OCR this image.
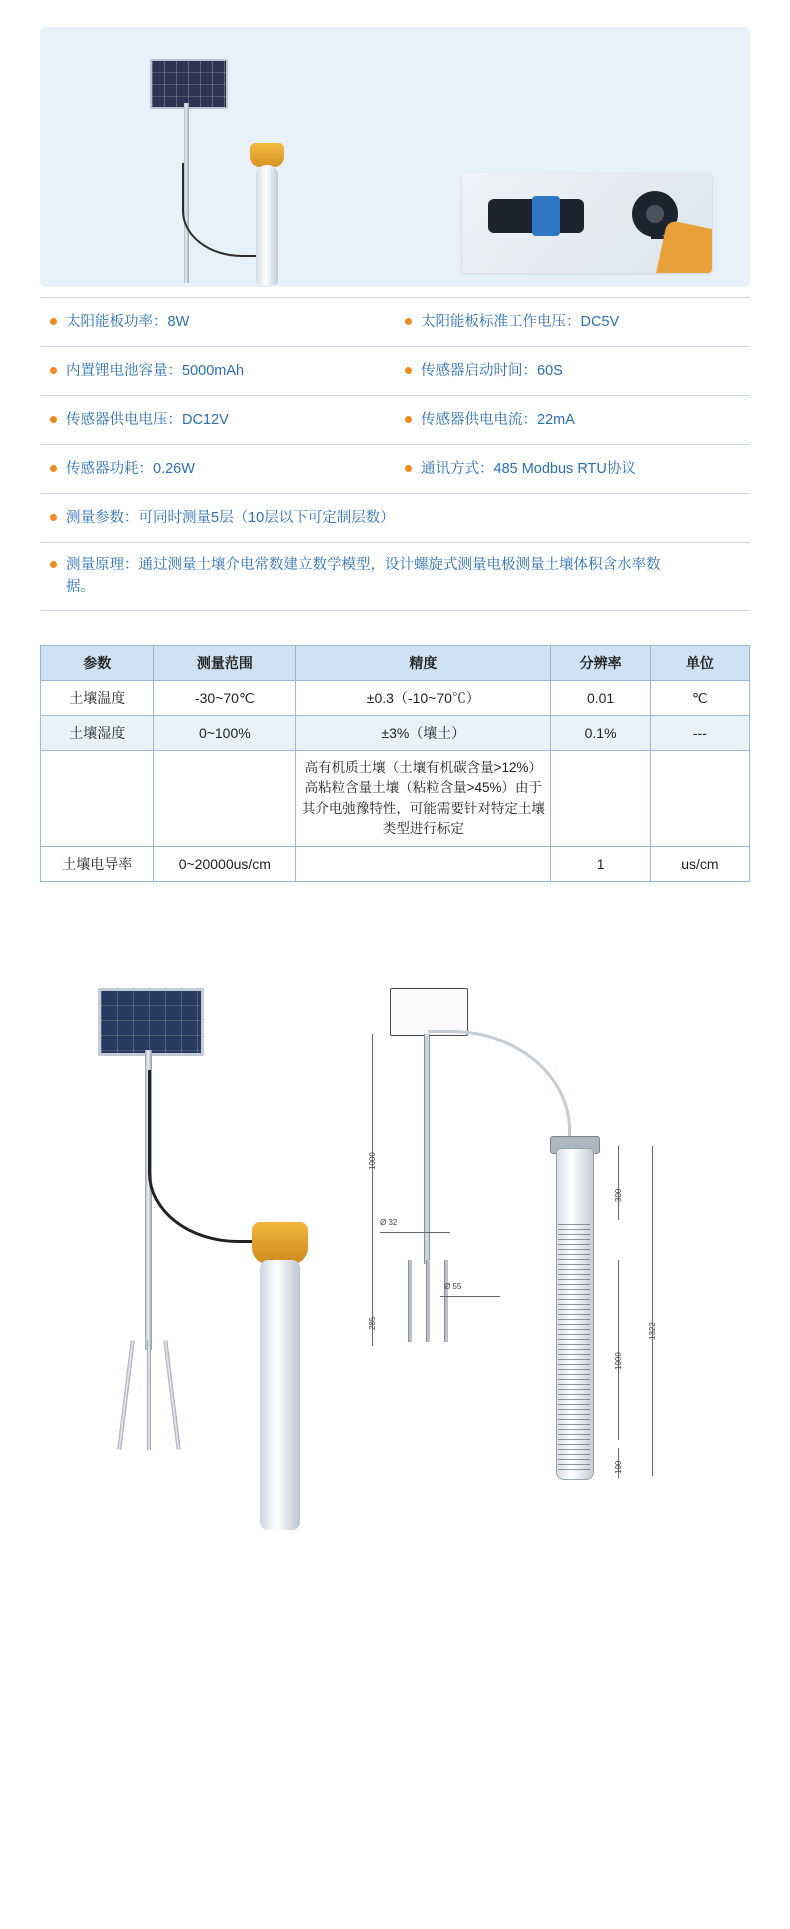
太阳能板功率：8W	太阳能板标准工作电压：DC5V
内置锂电池容量：5000mAh	传感器启动时间：60S
传感器供电电压：DC12V	传感器供电电流：22mA
传感器功耗：0.26W	通讯方式：485 Modbus RTU协议
测量参数：可同时测量5层（10层以下可定制层数）
测量原理：通过测量土壤介电常数建立数学模型，设计螺旋式测量电极测量土壤体积含水率数据。
参数	测量范围	精度	分辨率	单位
土壤温度	-30~70℃	±0.3（-10~70℃）	0.01	℃
土壤湿度	0~100%	±3%（壤土）	0.1%	---
		高有机质土壤（土壤有机碳含量>12%）高粘粒含量土壤（粘粒含量>45%）由于其介电弛豫特性，可能需要针对特定土壤类型进行标定		
土壤电导率	0~20000us/cm		1	us/cm
1000
Ø 32
Ø 55
285
300
1000
1322
100
